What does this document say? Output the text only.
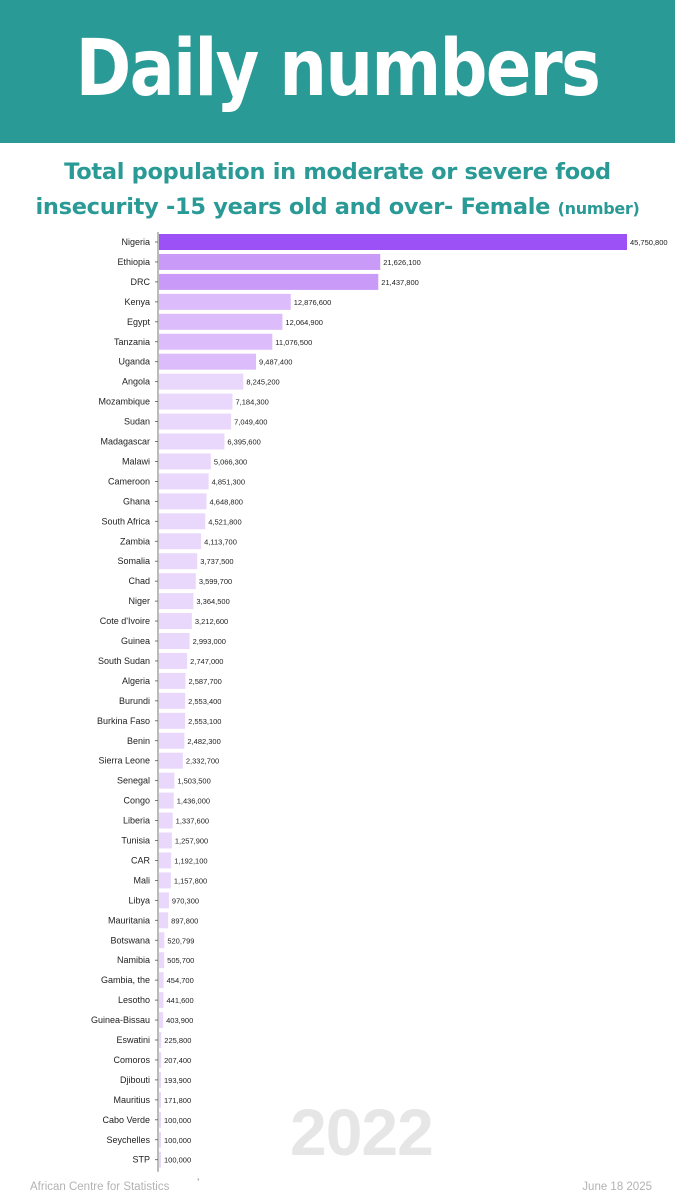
Daily numbers
Total population in moderate or severe food insecurity -15 years old and over- Female (number)
2022
Nigeria	45,750,800
Ethiopia	21,626,100
DRC	21,437,800
Kenya	12,876,600
Egypt	12,064,900
Tanzania	11,076,500
Uganda	9,487,400
Angola	8,245,200
Mozambique	7,184,300
Sudan	7,049,400
Madagascar	6,395,600
Malawi	5,066,300
Cameroon	4,851,300
Ghana	4,648,800
South Africa	4,521,800
Zambia	4,113,700
Somalia	3,737,500
Chad	3,599,700
Niger	3,364,500
Cote d'Ivoire	3,212,600
Guinea	2,993,000
South Sudan	2,747,000
Algeria	2,587,700
Burundi	2,553,400
Burkina Faso	2,553,100
Benin	2,482,300
Sierra Leone	2,332,700
Senegal	1,503,500
Congo	1,436,000
Liberia	1,337,600
Tunisia	1,257,900
CAR	1,192,100
Mali	1,157,800
Libya	970,300
Mauritania	897,800
Botswana 520,799
Namibia 505,700
Gambia, the 454,700
Lesotho 441,600
Guinea-Bissau 403,900
Eswatini 225,800
Comoros 207,400
Djibouti 193,900
Mauritius 171,800
Cabo Verde 100,000
Seychelles 100,000
STP 100,000
,
African Centre for Statistics	June 18 2025
